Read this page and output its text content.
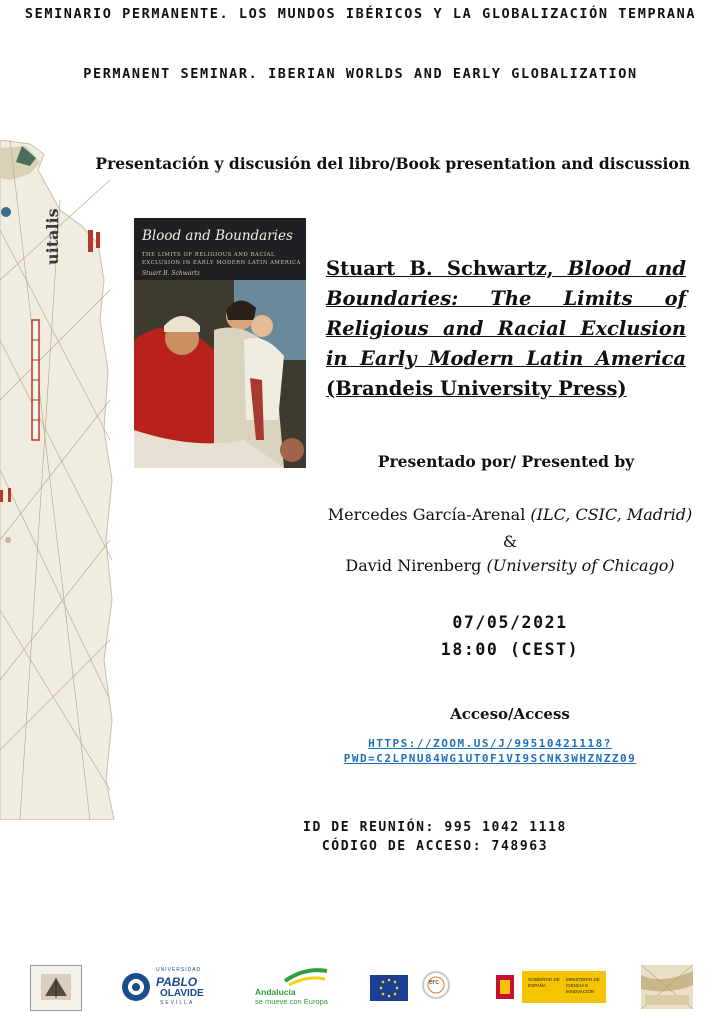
SEMINARIO PERMANENTE. LOS MUNDOS IBÉRICOS Y LA GLOBALIZACIÓN TEMPRANA
PERMANENT SEMINAR. IBERIAN WORLDS AND EARLY GLOBALIZATION
Presentación y discusión del libro/Book presentation and discussion
uitalis	Blood and Boundaries
THE LIMITS OF RELIGIOUS AND RACIAL EXCLUSION IN EARLY MODERN LATIN AMERICA
Stuart B. Schwartz	Stuart B. Schwartz, Blood and Boundaries: The Limits of Religious and Racial Exclusion in Early Modern Latin America (Brandeis University Press)
Presentado por/ Presented by
Mercedes García-Arenal (ILC, CSIC, Madrid)
&
David Nirenberg (University of Chicago)
07/05/2021
18:00 (CEST)
Acceso/Access
HTTPS://ZOOM.US/J/99510421118?
PWD=C2LPNU84WG1UT0F1VI9SCNK3WHZNZZ09
ID DE REUNIÓN: 995 1042 1118
CÓDIGO DE ACCESO: 748963
UNIVERSIDAD
PABLO
OLAVIDE
SEVILLA
Andalucía
se mueve con Europa
erc	GOBIERNO DE ESPAÑA
MINISTERIO DE CIENCIA E INNOVACIÓN
